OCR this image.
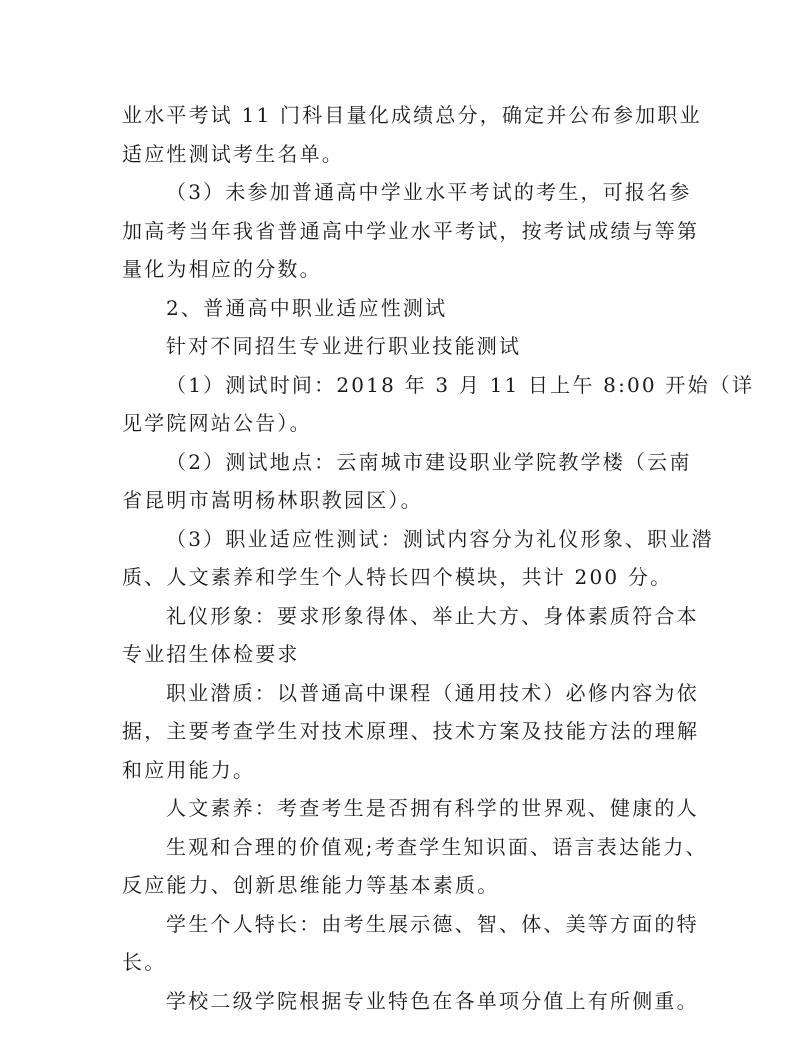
业水平考试 11 门科目量化成绩总分，确定并公布参加职业
适应性测试考生名单。
（3）未参加普通高中学业水平考试的考生，可报名参
加高考当年我省普通高中学业水平考试，按考试成绩与等第
量化为相应的分数。
2、普通高中职业适应性测试
针对不同招生专业进行职业技能测试
（1）测试时间：2018 年 3 月 11 日上午 8:00 开始（详
见学院网站公告）。
（2）测试地点：云南城市建设职业学院教学楼（云南
省昆明市嵩明杨林职教园区）。
（3）职业适应性测试：测试内容分为礼仪形象、职业潜
质、人文素养和学生个人特长四个模块，共计 200 分。
礼仪形象：要求形象得体、举止大方、身体素质符合本
专业招生体检要求
职业潜质：以普通高中课程（通用技术）必修内容为依
据，主要考查学生对技术原理、技术方案及技能方法的理解
和应用能力。
人文素养：考查考生是否拥有科学的世界观、健康的人
生观和合理的价值观;考查学生知识面、语言表达能力、
反应能力、创新思维能力等基本素质。
学生个人特长：由考生展示德、智、体、美等方面的特
长。
学校二级学院根据专业特色在各单项分值上有所侧重。
